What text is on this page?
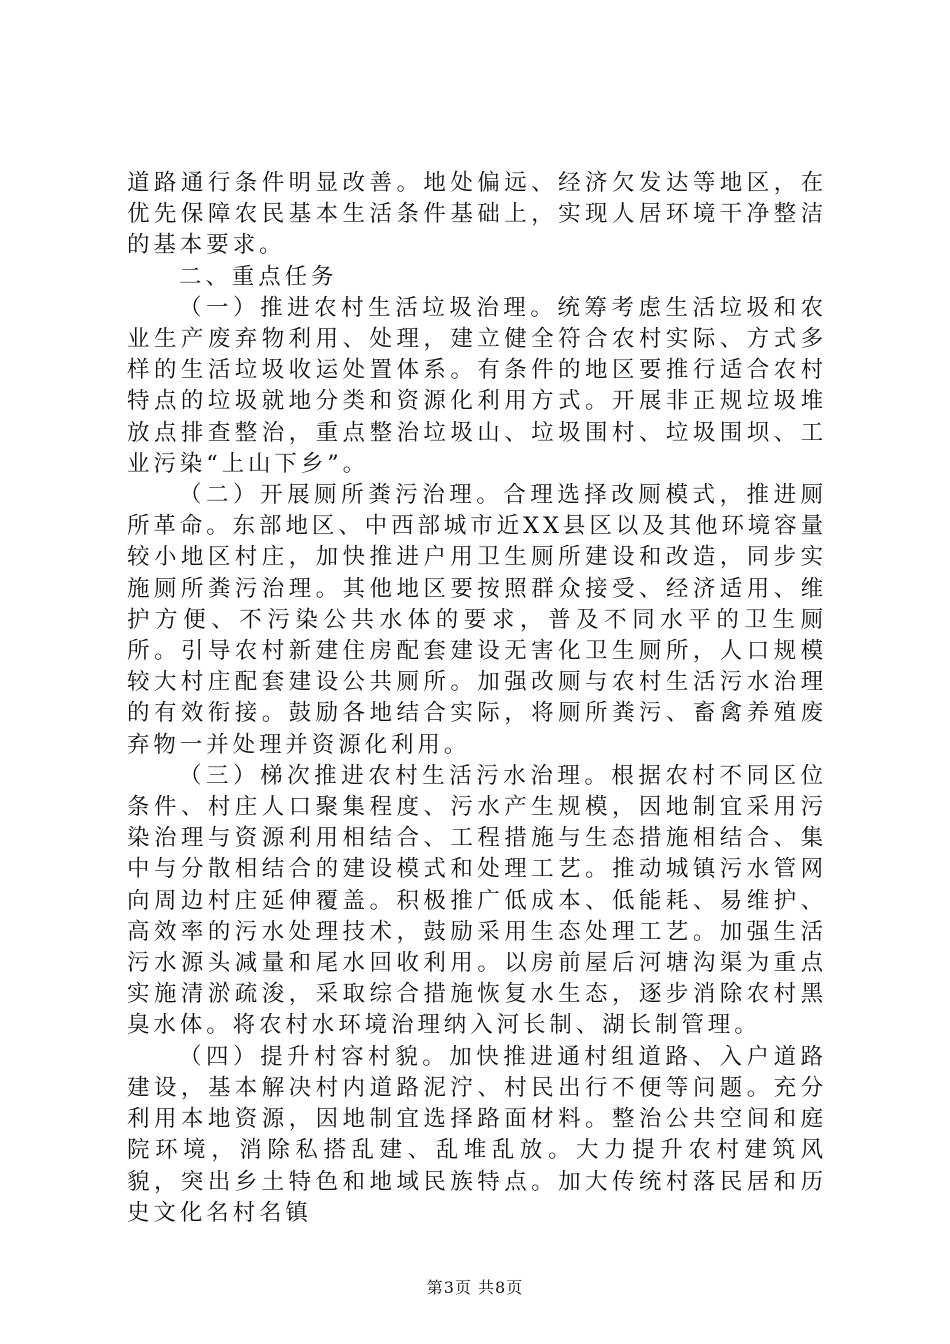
道路通行条件明显改善。地处偏远、经济欠发达等地区，在优先保障农民基本生活条件基础上，实现人居环境干净整洁的基本要求。

二、重点任务

（一）推进农村生活垃圾治理。统筹考虑生活垃圾和农业生产废弃物利用、处理，建立健全符合农村实际、方式多样的生活垃圾收运处置体系。有条件的地区要推行适合农村特点的垃圾就地分类和资源化利用方式。开展非正规垃圾堆放点排查整治，重点整治垃圾山、垃圾围村、垃圾围坝、工业污染“上山下乡”。

（二）开展厕所粪污治理。合理选择改厕模式，推进厕所革命。东部地区、中西部城市近XX县区以及其他环境容量较小地区村庄，加快推进户用卫生厕所建设和改造，同步实施厕所粪污治理。其他地区要按照群众接受、经济适用、维护方便、不污染公共水体的要求，普及不同水平的卫生厕所。引导农村新建住房配套建设无害化卫生厕所，人口规模较大村庄配套建设公共厕所。加强改厕与农村生活污水治理的有效衔接。鼓励各地结合实际，将厕所粪污、畜禽养殖废弃物一并处理并资源化利用。

（三）梯次推进农村生活污水治理。根据农村不同区位条件、村庄人口聚集程度、污水产生规模，因地制宜采用污染治理与资源利用相结合、工程措施与生态措施相结合、集中与分散相结合的建设模式和处理工艺。推动城镇污水管网向周边村庄延伸覆盖。积极推广低成本、低能耗、易维护、高效率的污水处理技术，鼓励采用生态处理工艺。加强生活污水源头减量和尾水回收利用。以房前屋后河塘沟渠为重点实施清淤疏浚，采取综合措施恢复水生态，逐步消除农村黑臭水体。将农村水环境治理纳入河长制、湖长制管理。

（四）提升村容村貌。加快推进通村组道路、入户道路建设，基本解决村内道路泥泞、村民出行不便等问题。充分利用本地资源，因地制宜选择路面材料。整治公共空间和庭院环境，消除私搭乱建、乱堆乱放。大力提升农村建筑风貌，突出乡土特色和地域民族特点。加大传统村落民居和历史文化名村名镇

第3页 共8页
